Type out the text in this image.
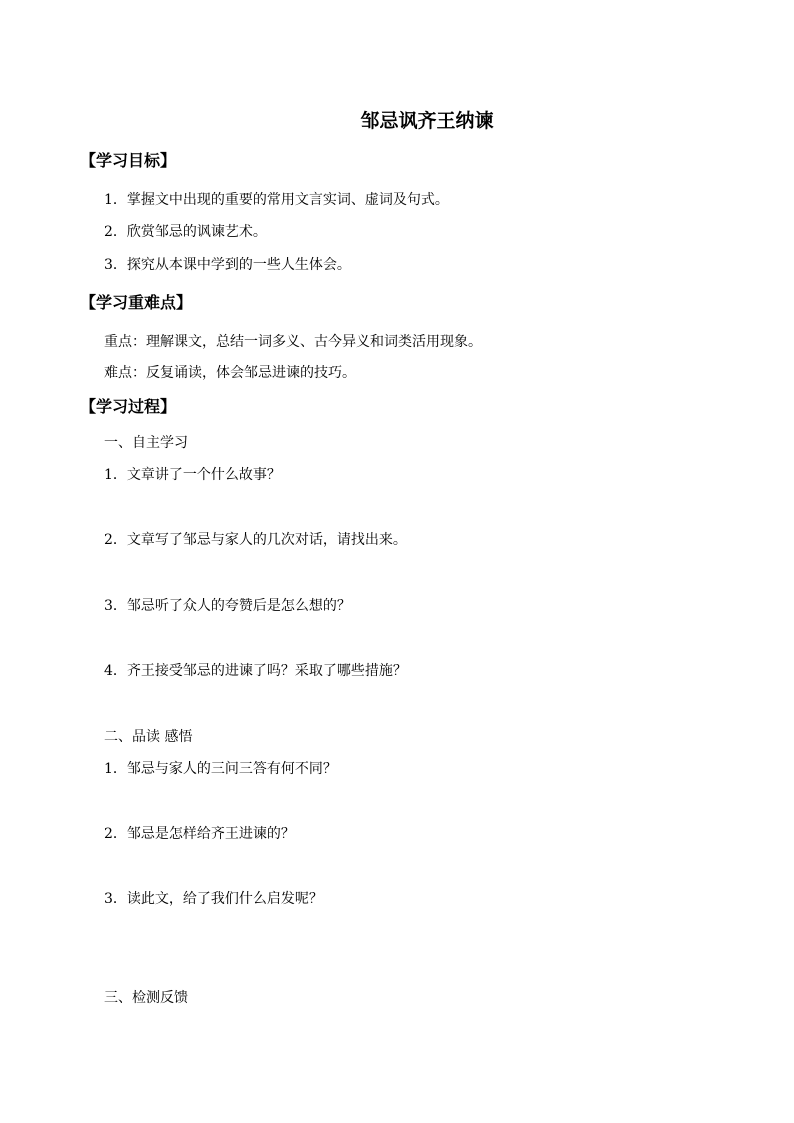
邹忌讽齐王纳谏
【学习目标】
1．掌握文中出现的重要的常用文言实词、虚词及句式。
2．欣赏邹忌的讽谏艺术。
3．探究从本课中学到的一些人生体会。
【学习重难点】
重点：理解课文，总结一词多义、古今异义和词类活用现象。
难点：反复诵读，体会邹忌进谏的技巧。
【学习过程】
一、自主学习
1．文章讲了一个什么故事？
2．文章写了邹忌与家人的几次对话，请找出来。
3．邹忌听了众人的夸赞后是怎么想的？
4．齐王接受邹忌的进谏了吗？采取了哪些措施？
二、品读 感悟
1．邹忌与家人的三问三答有何不同？
2．邹忌是怎样给齐王进谏的？
3．读此文，给了我们什么启发呢？
三、检测反馈
